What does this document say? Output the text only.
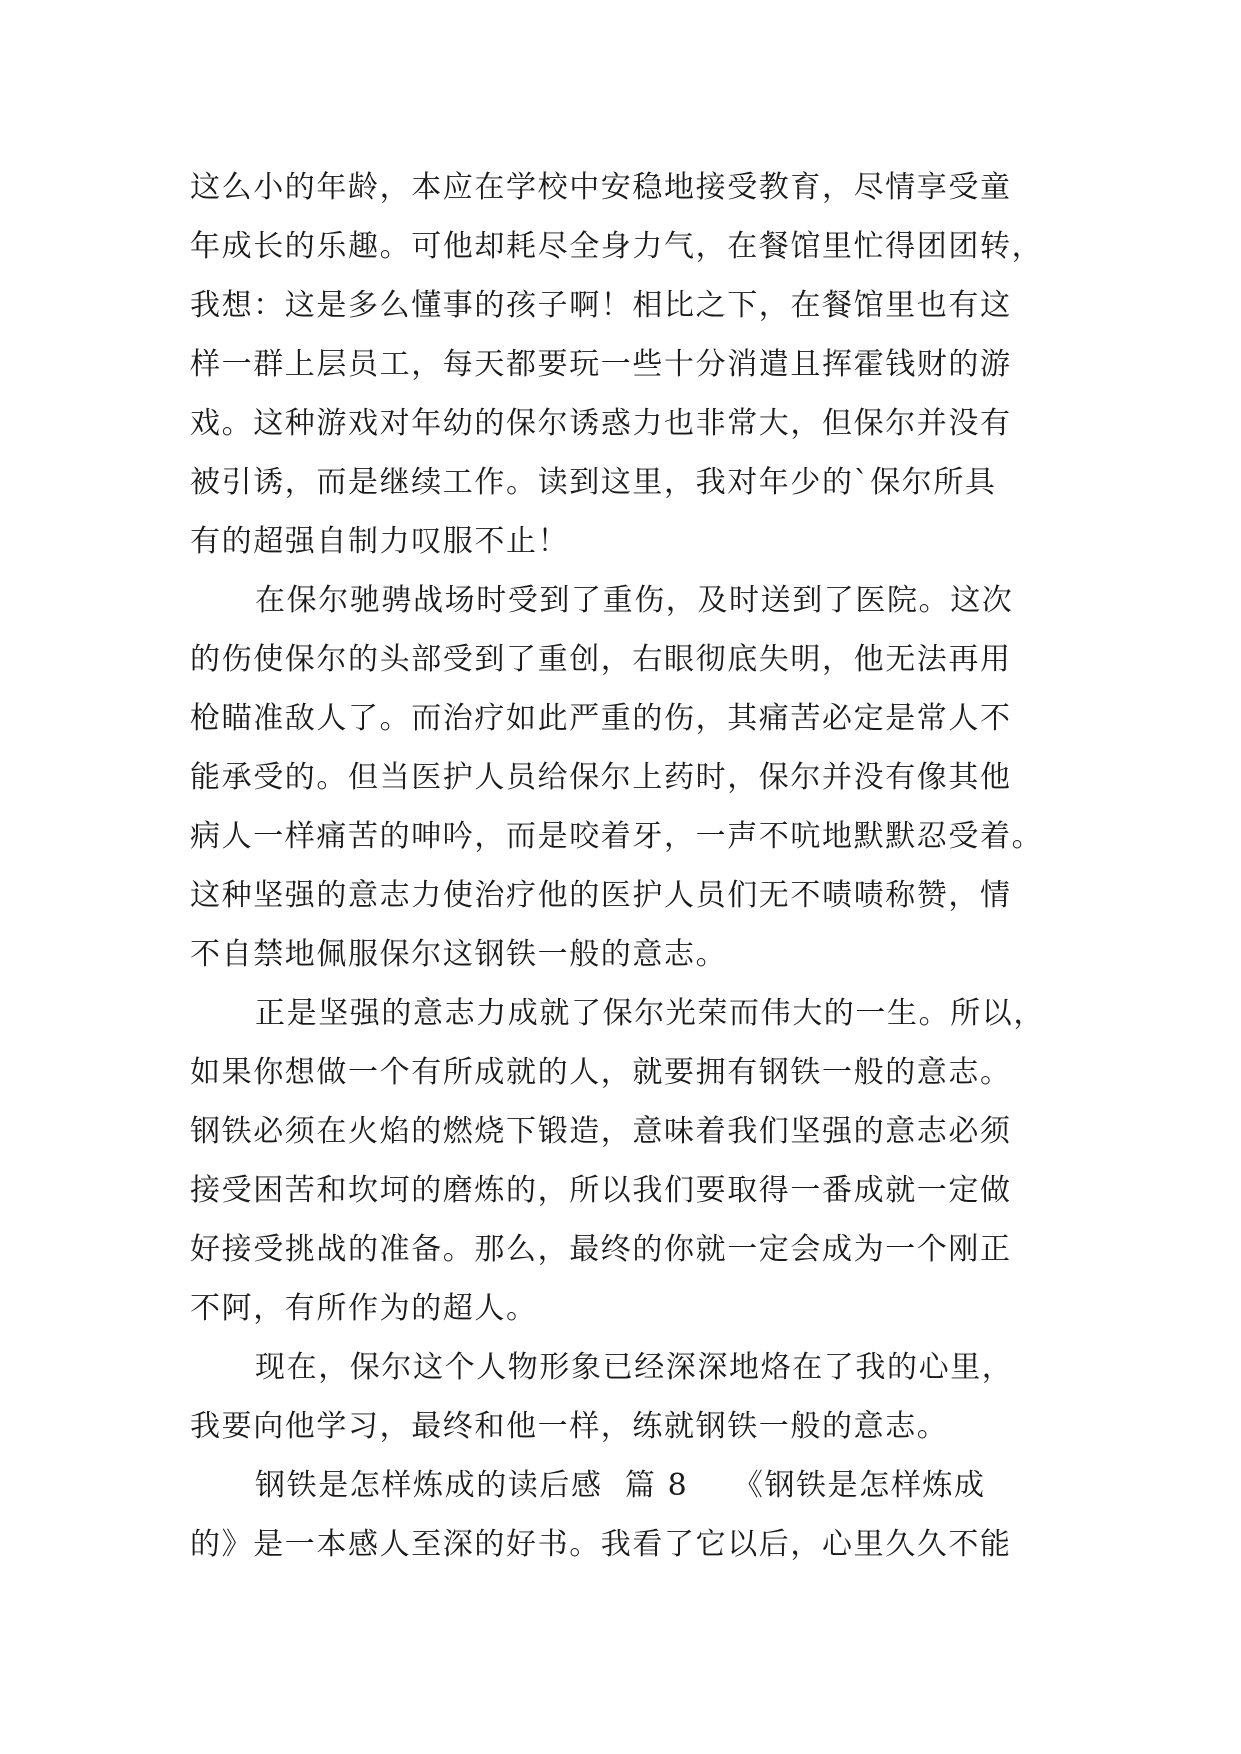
这么小的年龄，本应在学校中安稳地接受教育，尽情享受童
年成长的乐趣。可他却耗尽全身力气，在餐馆里忙得团团转，
我想：这是多么懂事的孩子啊！相比之下，在餐馆里也有这
样一群上层员工，每天都要玩一些十分消遣且挥霍钱财的游
戏。这种游戏对年幼的保尔诱惑力也非常大，但保尔并没有
被引诱，而是继续工作。读到这里，我对年少的`保尔所具
有的超强自制力叹服不止！
在保尔驰骋战场时受到了重伤，及时送到了医院。这次
的伤使保尔的头部受到了重创，右眼彻底失明，他无法再用
枪瞄准敌人了。而治疗如此严重的伤，其痛苦必定是常人不
能承受的。但当医护人员给保尔上药时，保尔并没有像其他
病人一样痛苦的呻吟，而是咬着牙，一声不吭地默默忍受着。
这种坚强的意志力使治疗他的医护人员们无不啧啧称赞，情
不自禁地佩服保尔这钢铁一般的意志。
正是坚强的意志力成就了保尔光荣而伟大的一生。所以，
如果你想做一个有所成就的人，就要拥有钢铁一般的意志。
钢铁必须在火焰的燃烧下锻造，意味着我们坚强的意志必须
接受困苦和坎坷的磨炼的，所以我们要取得一番成就一定做
好接受挑战的准备。那么，最终的你就一定会成为一个刚正
不阿，有所作为的超人。
现在，保尔这个人物形象已经深深地烙在了我的心里，
我要向他学习，最终和他一样，练就钢铁一般的意志。
钢铁是怎样炼成的读后感  篇 8    《钢铁是怎样炼成
的》是一本感人至深的好书。我看了它以后，心里久久不能
